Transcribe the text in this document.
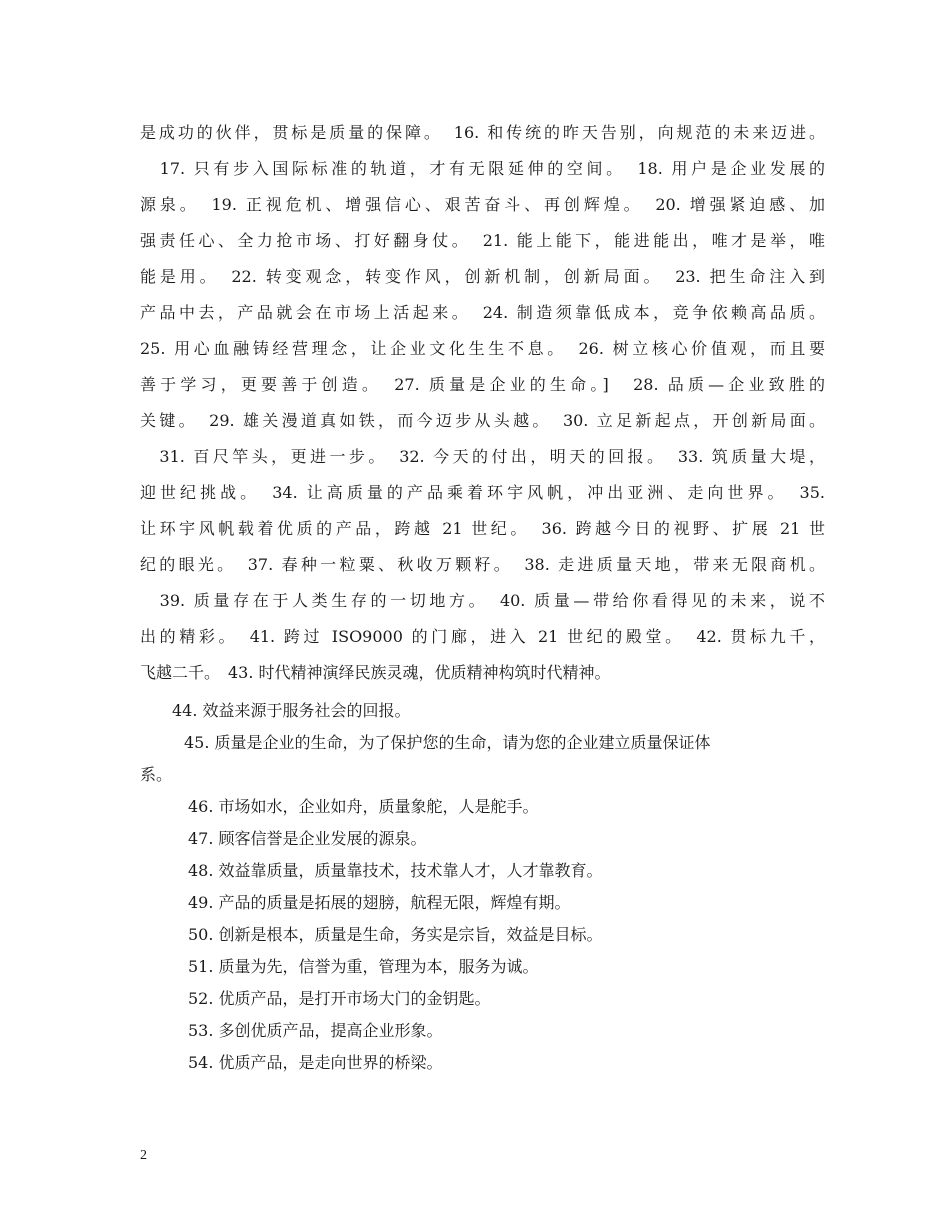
是成功的伙伴，贯标是质量的保障。　16. 和传统的昨天告别，向规范的未来迈进。
　17. 只有步入国际标准的轨道，才有无限延伸的空间。　18. 用户是企业发展的
源泉。　19. 正视危机、增强信心、艰苦奋斗、再创辉煌。　20. 增强紧迫感、加
强责任心、全力抢市场、打好翻身仗。　21. 能上能下，能进能出，唯才是举，唯
能是用。　22. 转变观念，转变作风，创新机制，创新局面。　23. 把生命注入到
产品中去，产品就会在市场上活起来。　24. 制造须靠低成本，竞争依赖高品质。
25. 用心血融铸经营理念，让企业文化生生不息。　26. 树立核心价值观，而且要
善于学习，更要善于创造。　27. 质量是企业的生命。]　28. 品质—企业致胜的
关键。　29. 雄关漫道真如铁，而今迈步从头越。　30. 立足新起点，开创新局面。
　31. 百尺竿头，更进一步。　32. 今天的付出，明天的回报。　33. 筑质量大堤，
迎世纪挑战。　34. 让高质量的产品乘着环宇风帆，冲出亚洲、走向世界。　35.
让环宇风帆载着优质的产品，跨越 21 世纪。　36. 跨越今日的视野、扩展 21 世
纪的眼光。　37. 春种一粒粟、秋收万颗籽。　38. 走进质量天地，带来无限商机。
　39. 质量存在于人类生存的一切地方。　40. 质量—带给你看得见的未来，说不
出的精彩。　41. 跨过 ISO9000 的门廊，进入 21 世纪的殿堂。　42. 贯标九千，
飞越二千。　43. 时代精神演绎民族灵魂，优质精神构筑时代精神。
44. 效益来源于服务社会的回报。
45. 质量是企业的生命，为了保护您的生命，请为您的企业建立质量保证体
系。
46. 市场如水，企业如舟，质量象舵，人是舵手。
47. 顾客信誉是企业发展的源泉。
48. 效益靠质量，质量靠技术，技术靠人才，人才靠教育。
49. 产品的质量是拓展的翅膀，航程无限，辉煌有期。
50. 创新是根本，质量是生命，务实是宗旨，效益是目标。
51. 质量为先，信誉为重，管理为本，服务为诚。
52. 优质产品，是打开市场大门的金钥匙。
53. 多创优质产品，提高企业形象。
54. 优质产品，是走向世界的桥梁。
2
